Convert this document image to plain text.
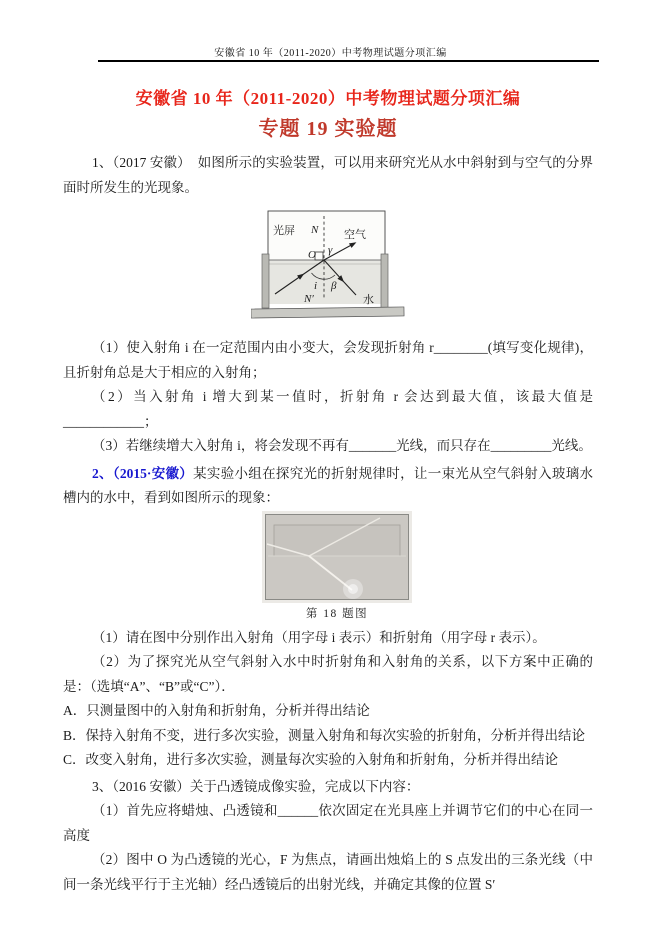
安徽省 10 年（2011-2020）中考物理试题分项汇编
安徽省 10 年（2011-2020）中考物理试题分项汇编
专题 19 实验题

1、（2017 安徽）　如图所示的实验装置，可以用来研究光从水中斜射到与空气的分界面时所发生的光现象。

光屏 N 空气
γ
O
i β
N′	水

（1）使入射角 i 在一定范围内由小变大，会发现折射角 r________(填写变化规律)，且折射角总是大于相应的入射角；

（2）当入射角 i 增大到某一值时，折射角 r 会达到最大值，该最大值是____________；

（3）若继续增大入射角 i，将会发现不再有_______光线，而只存在_________光线。

2、（2015·安徽）某实验小组在探究光的折射规律时，让一束光从空气斜射入玻璃水槽内的水中，看到如图所示的现象：

第 18 题图

（1）请在图中分别作出入射角（用字母 i 表示）和折射角（用字母 r 表示）。

（2）为了探究光从空气斜射入水中时折射角和入射角的关系，以下方案中正确的是：（选填“A”、“B”或“C”）．

A．只测量图中的入射角和折射角，分析并得出结论

B．保持入射角不变，进行多次实验，测量入射角和每次实验的折射角，分析并得出结论

C．改变入射角，进行多次实验，测量每次实验的入射角和折射角，分析并得出结论

3、（2016 安徽）关于凸透镜成像实验，完成以下内容：

（1）首先应将蜡烛、凸透镜和______依次固定在光具座上并调节它们的中心在同一高度

（2）图中 O 为凸透镜的光心，F 为焦点，请画出烛焰上的 S 点发出的三条光线（中间一条光线平行于主光轴）经凸透镜后的出射光线，并确定其像的位置 S′
